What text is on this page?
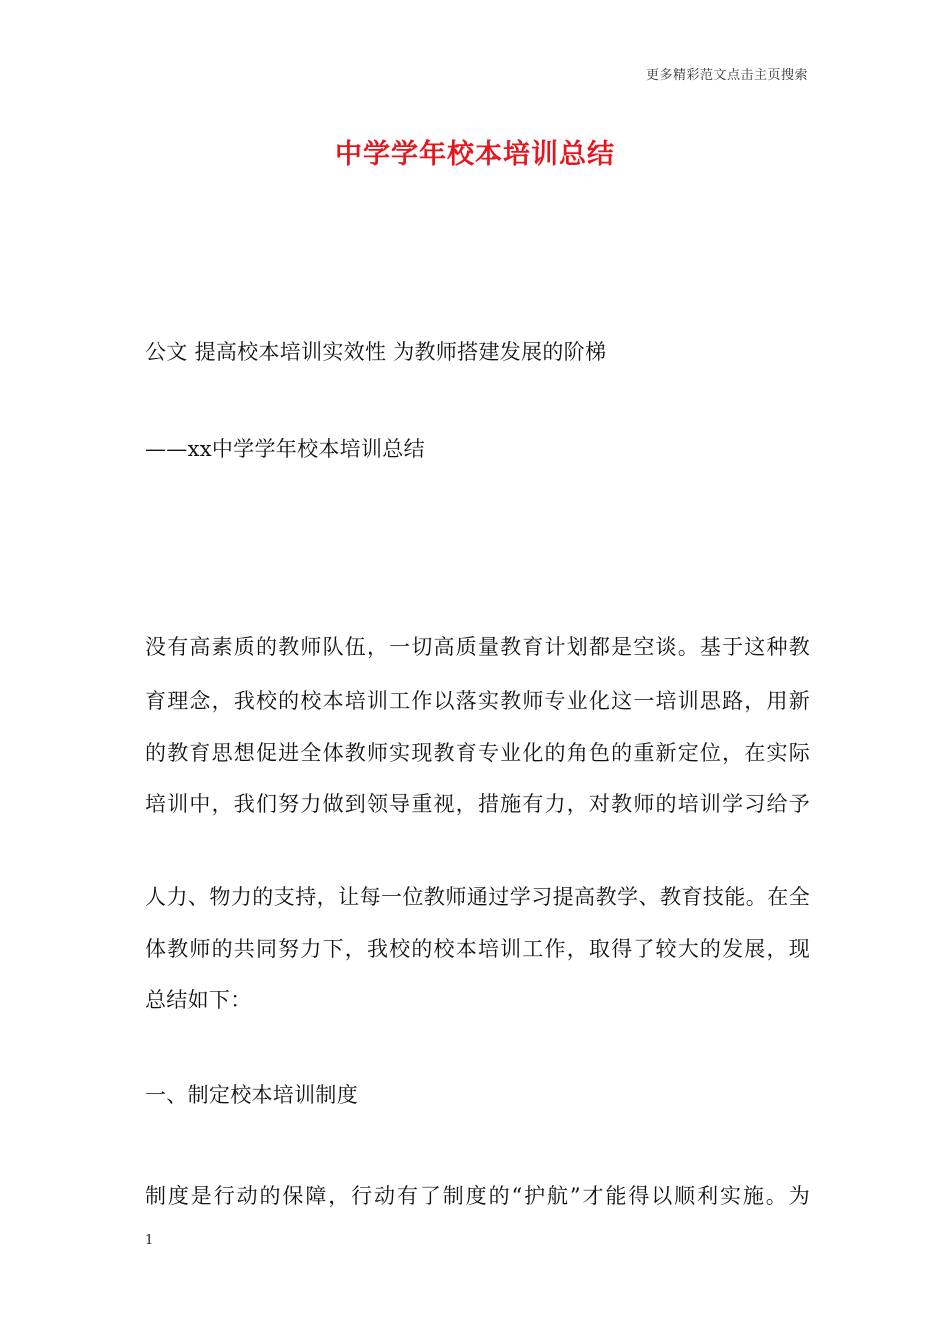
更多精彩范文点击主页搜索
中学学年校本培训总结

公文 提高校本培训实效性 为教师搭建发展的阶梯

——xx中学学年校本培训总结

没有高素质的教师队伍，一切高质量教育计划都是空谈。基于这种教

育理念，我校的校本培训工作以落实教师专业化这一培训思路，用新

的教育思想促进全体教师实现教育专业化的角色的重新定位，在实际

培训中，我们努力做到领导重视，措施有力，对教师的培训学习给予

人力、物力的支持，让每一位教师通过学习提高教学、教育技能。在全

体教师的共同努力下，我校的校本培训工作，取得了较大的发展，现

总结如下：

一、制定校本培训制度

制度是行动的保障，行动有了制度的“护航”才能得以顺利实施。为

1
